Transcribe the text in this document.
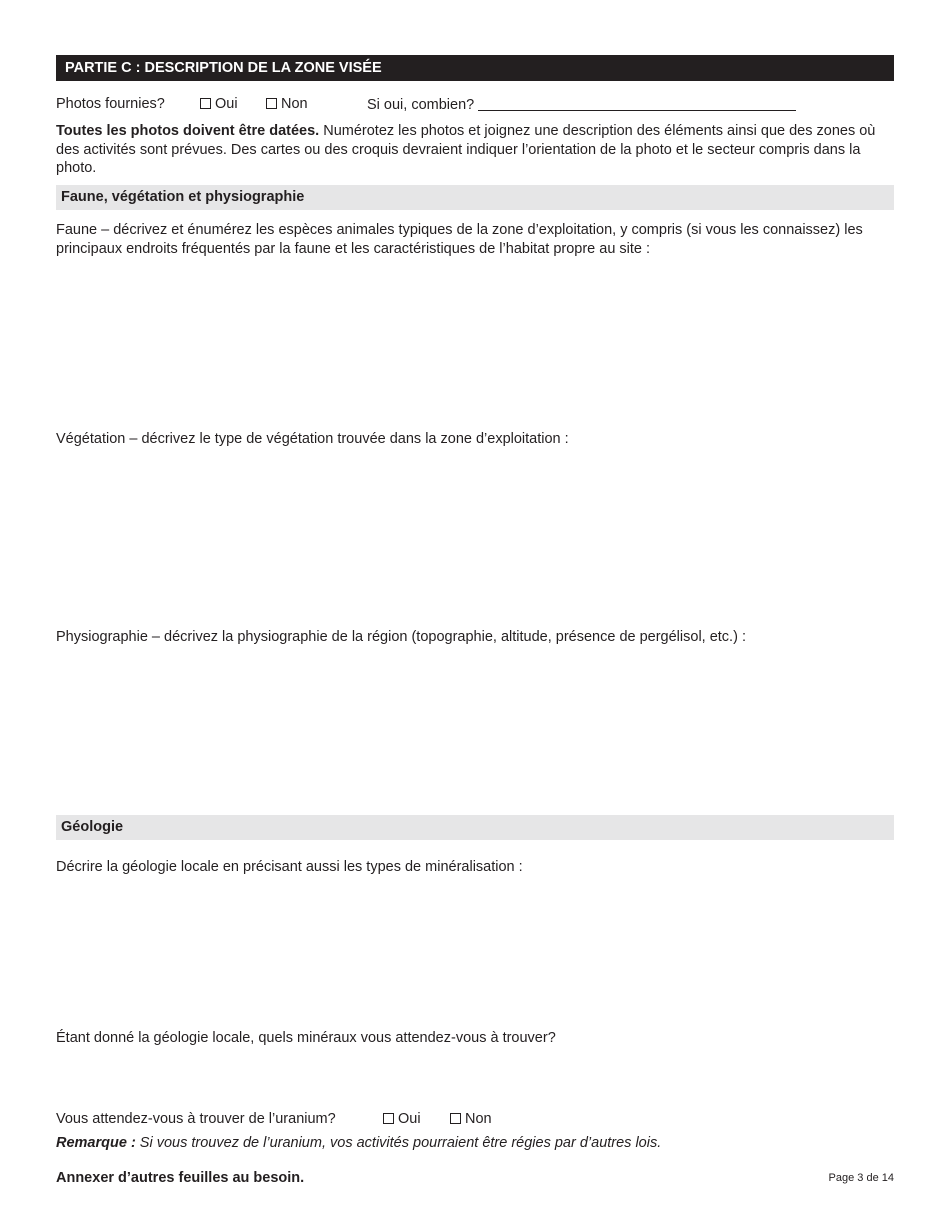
PARTIE C : DESCRIPTION DE LA ZONE VISÉE
Photos fournies?	Oui	Non	Si oui, combien?
Toutes les photos doivent être datées. Numérotez les photos et joignez une description des éléments ainsi que des zones où des activités sont prévues. Des cartes ou des croquis devraient indiquer l’orientation de la photo et le secteur compris dans la photo.
Faune, végétation et physiographie
Faune – décrivez et énumérez les espèces animales typiques de la zone d’exploitation, y compris (si vous les connaissez) les principaux endroits fréquentés par la faune et les caractéristiques de l’habitat propre au site :
Végétation – décrivez le type de végétation trouvée dans la zone d’exploitation :
Physiographie – décrivez la physiographie de la région (topographie, altitude, présence de pergélisol, etc.) :
Géologie
Décrire la géologie locale en précisant aussi les types de minéralisation :
Étant donné la géologie locale, quels minéraux vous attendez-vous à trouver?
Vous attendez-vous à trouver de l’uranium?	Oui	Non
Remarque : Si vous trouvez de l’uranium, vos activités pourraient être régies par d’autres lois.
Annexer d’autres feuilles au besoin.	Page 3 de 14
